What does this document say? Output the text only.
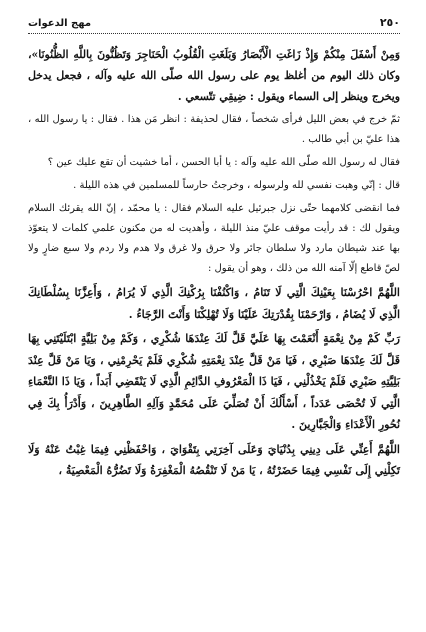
٢٥٠
مهج الدعوات

وَمِنْ أَسْفَلَ مِنْكُمْ وَإِذْ زَاغَتِ الْأَبْصَارُ وَبَلَغَتِ الْقُلُوبُ الْحَنَاجِرَ وَتَظُنُّونَ بِاللَّهِ الظُّنُونَا»، وكان ذلك اليوم من أغلظ يوم على رسول الله صلّى الله عليه وآله ، فجعل يدخل ويخرج وينظر إلى السماء ويقول : ضِيقِي تتّسعي .

ثمّ خرج في بعض الليل فرأى شخصاً ، فقال لحذيفة : انظر مَن هذا . فقال : يا رسول الله ، هذا عليّ بن أبي طالب .

فقال له رسول الله صلّى الله عليه وآله : يا أبا الحسن ، أما خشيت أن تقع عليك عين ؟

قال : إنّي وهبت نفسي لله ولرسوله ، وخرجتُ حارساً للمسلمين في هذه الليلة .

فما انقضى كلامهما حتّى نزل جبرئيل عليه السلام فقال : يا محمّد ، إنّ الله يقرئك السلام ويقول لك : قد رأيت موقف عليّ منذ الليلة ، وأهديت له من مكنون علمي كلمات لا يتعوّذ بها عند شيطان مارد ولا سلطان جائر ولا حرق ولا غرق ولا هدم ولا ردم ولا سبع ضارٍ ولا لصّ قاطع إلّا آمنه الله من ذلك ، وهو أن يقول :

اللَّهُمَّ احْرُسْنَا بِعَيْنِكَ الَّتِي لَا تَنَامُ ، وَاكْنُفْنَا بِرُكْنِكَ الَّذِي لَا يُرَامُ ، وَأَعِزَّنَا بِسُلْطَانِكَ الَّذِي لَا يُضَامُ ، وَارْحَمْنَا بِقُدْرَتِكَ عَلَيْنَا وَلَا تُهْلِكْنَا وَأَنْتَ الرَّجَاءُ .

رَبِّ كَمْ مِنْ نِعْمَةٍ أَنْعَمْتَ بِهَا عَلَيَّ قَلَّ لَكَ عِنْدَهَا شُكْرِي ، وَكَمْ مِنْ بَلِيَّةٍ ابْتَلَيْتَنِي بِهَا قَلَّ لَكَ عِنْدَهَا صَبْرِي ، فَيَا مَنْ قَلَّ عِنْدَ نِعْمَتِهِ شُكْرِي فَلَمْ يَحْرِمْنِي ، وَيَا مَنْ قَلَّ عِنْدَ بَلِيَّتِهِ صَبْرِي فَلَمْ يَخْذُلْنِي ، فَيَا ذَا الْمَعْرُوفِ الدَّائِمِ الَّذِي لَا يَنْقَضِي أَبَداً ، وَيَا ذَا النَّعْمَاءِ الَّتِي لَا تُحْصَى عَدَداً ، أَسْأَلُكَ أَنْ تُصَلِّيَ عَلَى مُحَمَّدٍ وَآلِهِ الطَّاهِرِينَ ، وَأَدْرَأُ بِكَ فِي نُحُورِ الْأَعْدَاءِ وَالْجَبَّارِينَ .

اللَّهُمَّ أَعِنِّي عَلَى دِينِي بِدُنْيَايَ وَعَلَى آخِرَتِي بِتَقْوَايَ ، وَاحْفَظْنِي فِيمَا غِبْتُ عَنْهُ وَلَا تَكِلْنِي إِلَى نَفْسِي فِيمَا حَضَرْتُهُ ، يَا مَنْ لَا تَنْقُصُهُ الْمَغْفِرَةُ وَلَا تَضُرُّهُ الْمَعْصِيَةُ ،
